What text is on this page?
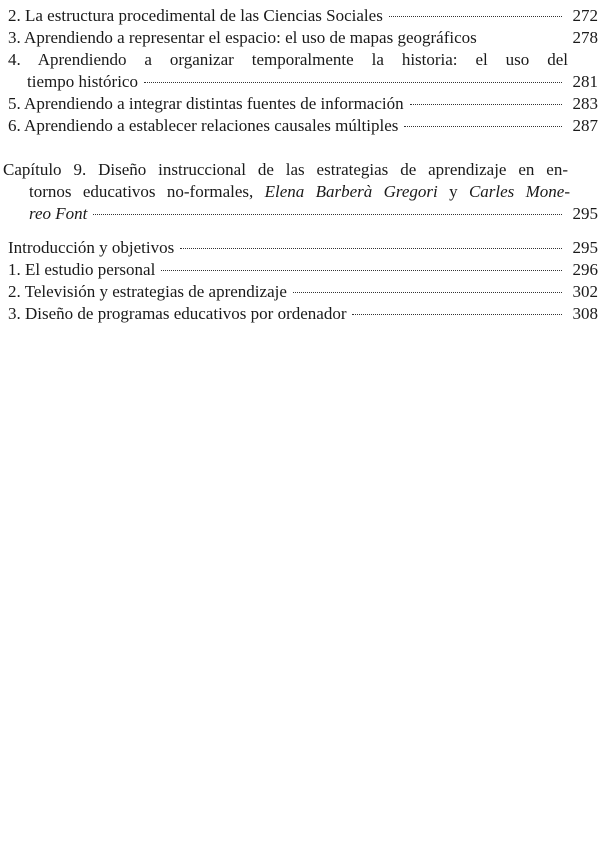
2. La estructura procedimental de las Ciencias Sociales	272
3. Aprendiendo a representar el espacio: el uso de mapas geográficos	278
4. Aprendiendo a organizar temporalmente la historia: el uso del
tiempo histórico	281
5. Aprendiendo a integrar distintas fuentes de información	283
6. Aprendiendo a establecer relaciones causales múltiples	287
Capítulo 9. Diseño instruccional de las estrategias de aprendizaje en en-
tornos educativos no-formales, Elena Barberà Gregori y Carles Mone-
reo Font	295
Introducción y objetivos	295
1. El estudio personal	296
2. Televisión y estrategias de aprendizaje	302
3. Diseño de programas educativos por ordenador	308
